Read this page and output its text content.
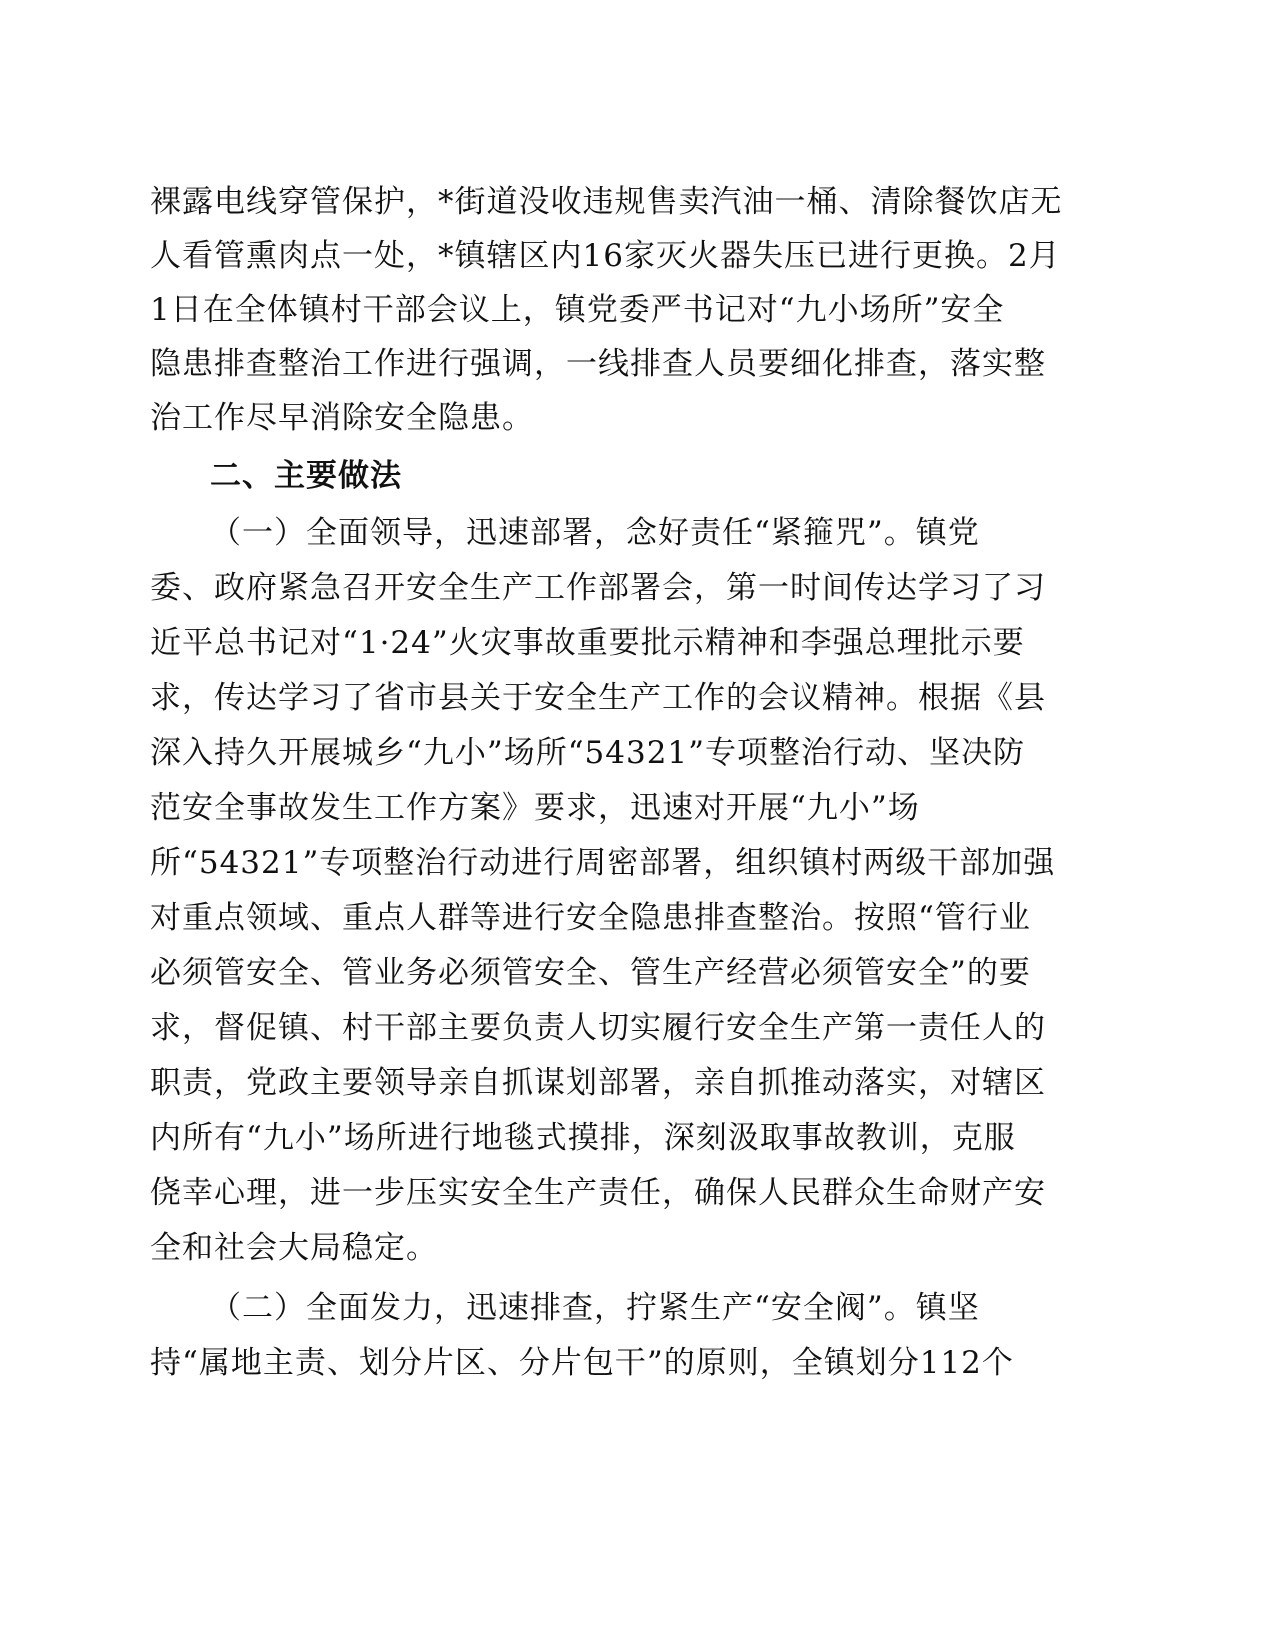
裸露电线穿管保护，*街道没收违规售卖汽油一桶、清除餐饮店无
人看管熏肉点一处，*镇辖区内16家灭火器失压已进行更换。2月
1日在全体镇村干部会议上，镇党委严书记对“九小场所”安全
隐患排查整治工作进行强调，一线排查人员要细化排查，落实整
治工作尽早消除安全隐患。
二、主要做法
（一）全面领导，迅速部署，念好责任“紧箍咒”。镇党
委、政府紧急召开安全生产工作部署会，第一时间传达学习了习
近平总书记对“1·24”火灾事故重要批示精神和李强总理批示要
求，传达学习了省市县关于安全生产工作的会议精神。根据《县
深入持久开展城乡“九小”场所“54321”专项整治行动、坚决防
范安全事故发生工作方案》要求，迅速对开展“九小”场
所“54321”专项整治行动进行周密部署，组织镇村两级干部加强
对重点领域、重点人群等进行安全隐患排查整治。按照“管行业
必须管安全、管业务必须管安全、管生产经营必须管安全”的要
求，督促镇、村干部主要负责人切实履行安全生产第一责任人的
职责，党政主要领导亲自抓谋划部署，亲自抓推动落实，对辖区
内所有“九小”场所进行地毯式摸排，深刻汲取事故教训，克服
侥幸心理，进一步压实安全生产责任，确保人民群众生命财产安
全和社会大局稳定。
（二）全面发力，迅速排查，拧紧生产“安全阀”。镇坚
持“属地主责、划分片区、分片包干”的原则，全镇划分112个
